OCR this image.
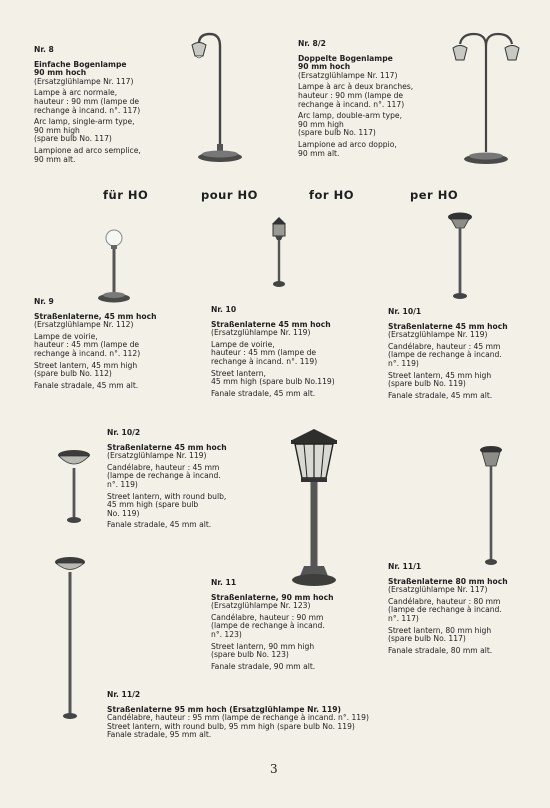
für HO	pour HO	for HO	per HO
Nr. 8
Einfache Bogenlampe
90 mm hoch
(Ersatzglühlampe Nr. 117)
Lampe à arc normale,
hauteur : 90 mm (lampe de
rechange à incand. n°. 117)
Arc lamp, single-arm type,
90 mm high
(spare bulb No. 117)
Lampione ad arco semplice,
90 mm alt.
Nr. 8/2
Doppelte Bogenlampe
90 mm hoch
(Ersatzglühlampe Nr. 117)
Lampe à arc à deux branches,
hauteur : 90 mm (lampe de
rechange à incand. n°. 117)
Arc lamp, double-arm type,
90 mm high
(spare bulb No. 117)
Lampione ad arco doppio,
90 mm alt.
Nr. 9
Straßenlaterne, 45 mm hoch
(Ersatzglühlampe Nr. 112)
Lampe de voirie,
hauteur : 45 mm (lampe de
rechange à incand. n°. 112)
Street lantern, 45 mm high
(spare bulb No. 112)
Fanale stradale, 45 mm alt.
Nr. 10
Straßenlaterne 45 mm hoch
(Ersatzglühlampe Nr. 119)
Lampe de voirie,
hauteur : 45 mm (lampe de
rechange à incand. n°. 119)
Street lantern,
45 mm high (spare bulb No.119)
Fanale stradale, 45 mm alt.
Nr. 10/1
Straßenlaterne 45 mm hoch
(Ersatzglühlampe Nr. 119)
Candélabre, hauteur : 45 mm
(lampe de rechange à incand.
n°. 119)
Street lantern, 45 mm high
(spare bulb No. 119)
Fanale stradale, 45 mm alt.
Nr. 10/2
Straßenlaterne 45 mm hoch
(Ersatzglühlampe Nr. 119)
Candélabre, hauteur : 45 mm
(lampe de rechange à incand.
n°. 119)
Street lantern, with round bulb,
45 mm high (spare bulb
No. 119)
Fanale stradale, 45 mm alt.
Nr. 11
Straßenlaterne, 90 mm hoch
(Ersatzglühlampe Nr. 123)
Candélabre, hauteur : 90 mm
(lampe de rechange à incand.
n°. 123)
Street lantern, 90 mm high
(spare bulb No. 123)
Fanale stradale, 90 mm alt.
Nr. 11/1
Straßenlaterne 80 mm hoch
(Ersatzglühlampe Nr. 117)
Candélabre, hauteur : 80 mm
(lampe de rechange à incand.
n°. 117)
Street lantern, 80 mm high
(spare bulb No. 117)
Fanale stradale, 80 mm alt.
Nr. 11/2
Straßenlaterne 95 mm hoch (Ersatzglühlampe Nr. 119)
Candélabre, hauteur : 95 mm (lampe de rechange à incand. n°. 119)
Street lantern, with round bulb, 95 mm high (spare bulb No. 119)
Fanale stradale, 95 mm alt.
3
